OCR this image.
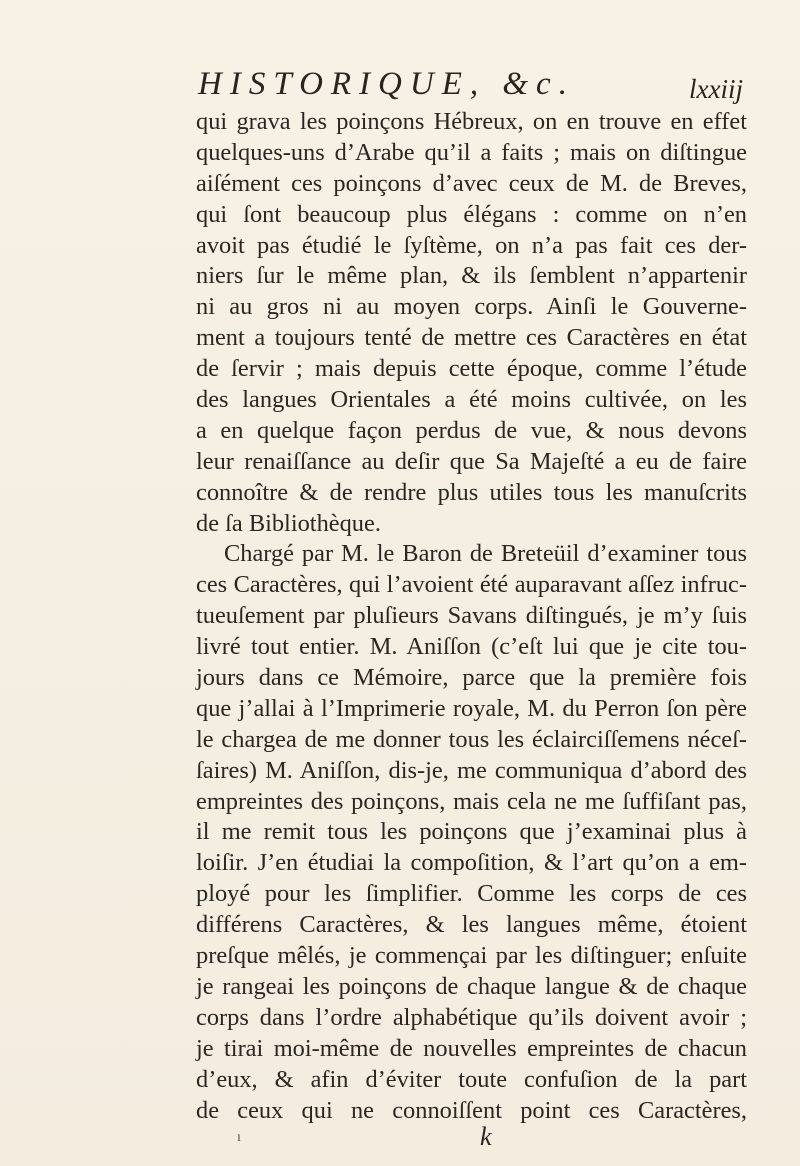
HISTORIQUE, &c.	lxxiij
qui grava les poinçons Hébreux, on en trouve en effet
quelques-uns d’Arabe qu’il a faits ; mais on diſtingue
aiſément ces poinçons d’avec ceux de M. de Breves,
qui ſont beaucoup plus élégans : comme on n’en
avoit pas étudié le ſyſtème, on n’a pas fait ces der-
niers ſur le même plan, & ils ſemblent n’appartenir
ni au gros ni au moyen corps. Ainſi le Gouverne-
ment a toujours tenté de mettre ces Caractères en état
de ſervir ; mais depuis cette époque, comme l’étude
des langues Orientales a été moins cultivée, on les
a en quelque façon perdus de vue, & nous devons
leur renaiſſance au deſir que Sa Majeſté a eu de faire
connoître & de rendre plus utiles tous les manuſcrits
de ſa Bibliothèque.
Chargé par M. le Baron de Breteüil d’examiner tous
ces Caractères, qui l’avoient été auparavant aſſez infruc-
tueuſement par pluſieurs Savans diſtingués, je m’y ſuis
livré tout entier. M. Aniſſon (c’eſt lui que je cite tou-
jours dans ce Mémoire, parce que la première fois
que j’allai à l’Imprimerie royale, M. du Perron ſon père
le chargea de me donner tous les éclairciſſemens néceſ-
ſaires) M. Aniſſon, dis-je, me communiqua d’abord des
empreintes des poinçons, mais cela ne me ſuffiſant pas,
il me remit tous les poinçons que j’examinai plus à
loiſir. J’en étudiai la compoſition, & l’art qu’on a em-
ployé pour les ſimplifier. Comme les corps de ces
différens Caractères, & les langues même, étoient
preſque mêlés, je commençai par les diſtinguer; enſuite
je rangeai les poinçons de chaque langue & de chaque
corps dans l’ordre alphabétique qu’ils doivent avoir ;
je tirai moi-même de nouvelles empreintes de chacun
d’eux, & afin d’éviter toute confuſion de la part
de ceux qui ne connoiſſent point ces Caractères,
ı	k
